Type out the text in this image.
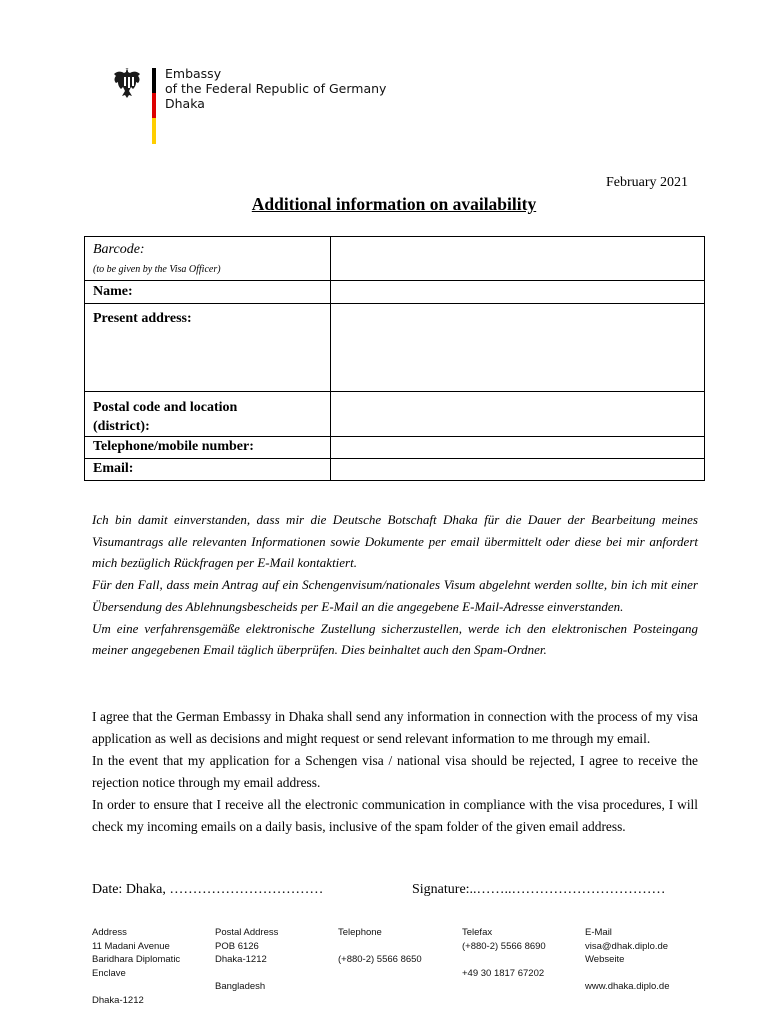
Embassy
of the Federal Republic of Germany
Dhaka
February 2021
Additional information on availability
Barcode:
(to be given by the Visa Officer)	

Name:	
Present address:	

Postal code and location
(district):	

Telephone/mobile number:	
Email:	

Ich bin damit einverstanden, dass mir die Deutsche Botschaft Dhaka für die Dauer der Bearbeitung meines Visumantrags alle relevanten Informationen sowie Dokumente per email übermittelt oder diese bei mir anfordert mich bezüglich Rückfragen per E-Mail kontaktiert.

Für den Fall, dass mein Antrag auf ein Schengenvisum/nationales Visum abgelehnt werden sollte, bin ich mit einer Übersendung des Ablehnungsbescheids per E-Mail an die angegebene E-Mail-Adresse einverstanden.

Um eine verfahrensgemäße elektronische Zustellung sicherzustellen, werde ich den elektronischen Posteingang meiner angegebenen Email täglich überprüfen. Dies beinhaltet auch den Spam-Ordner.

I agree that the German Embassy in Dhaka shall send any information in connection with the process of my visa application as well as decisions and might request or send relevant information to me through my email.

In the event that my application for a Schengen visa / national visa should be rejected, I agree to receive the rejection notice through my email address.

In order to ensure that I receive all the electronic communication in compliance with the visa procedures, I will check my incoming emails on a daily basis, inclusive of the spam folder of the given email address.

Date: Dhaka, ……………………………	Signature:..……..……………………………
Address
11 Madani Avenue
Baridhara Diplomatic
Enclave

Dhaka-1212
Postal Address
POB 6126
Dhaka-1212

Bangladesh
Telephone

(+880-2) 5566 8650
Telefax
(+880-2) 5566 8690

+49 30 1817 67202
E-Mail
visa@dhak.diplo.de
Webseite

www.dhaka.diplo.de
